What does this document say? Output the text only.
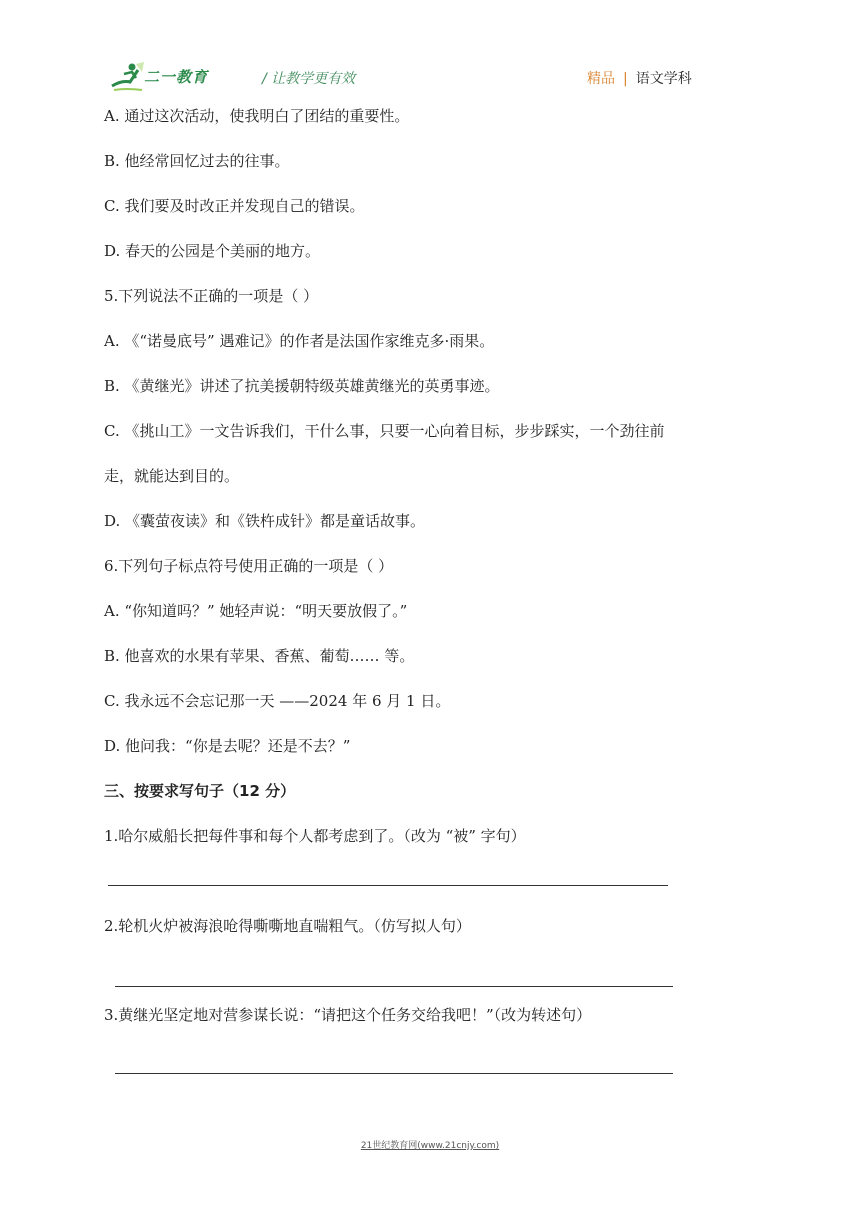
二一教育	/ 让教学更有效	精品 | 语文学科
A. 通过这次活动，使我明白了团结的重要性。
B. 他经常回忆过去的往事。
C. 我们要及时改正并发现自己的错误。
D. 春天的公园是个美丽的地方。
5.下列说法不正确的一项是（ ）
A. 《“诺曼底号” 遇难记》的作者是法国作家维克多·雨果。
B. 《黄继光》讲述了抗美援朝特级英雄黄继光的英勇事迹。
C. 《挑山工》一文告诉我们，干什么事，只要一心向着目标，步步踩实，一个劲往前
走，就能达到目的。
D. 《囊萤夜读》和《铁杵成针》都是童话故事。
6.下列句子标点符号使用正确的一项是（ ）
A. “你知道吗？” 她轻声说：“明天要放假了。”
B. 他喜欢的水果有苹果、香蕉、葡萄…… 等。
C. 我永远不会忘记那一天 ——2024 年 6 月 1 日。
D. 他问我：“你是去呢？还是不去？”
三、按要求写句子（12 分）
1.哈尔威船长把每件事和每个人都考虑到了。（改为 “被” 字句）
2.轮机火炉被海浪呛得嘶嘶地直喘粗气。（仿写拟人句）
3.黄继光坚定地对营参谋长说：“请把这个任务交给我吧！”（改为转述句）
21世纪教育网(www.21cnjy.com)
